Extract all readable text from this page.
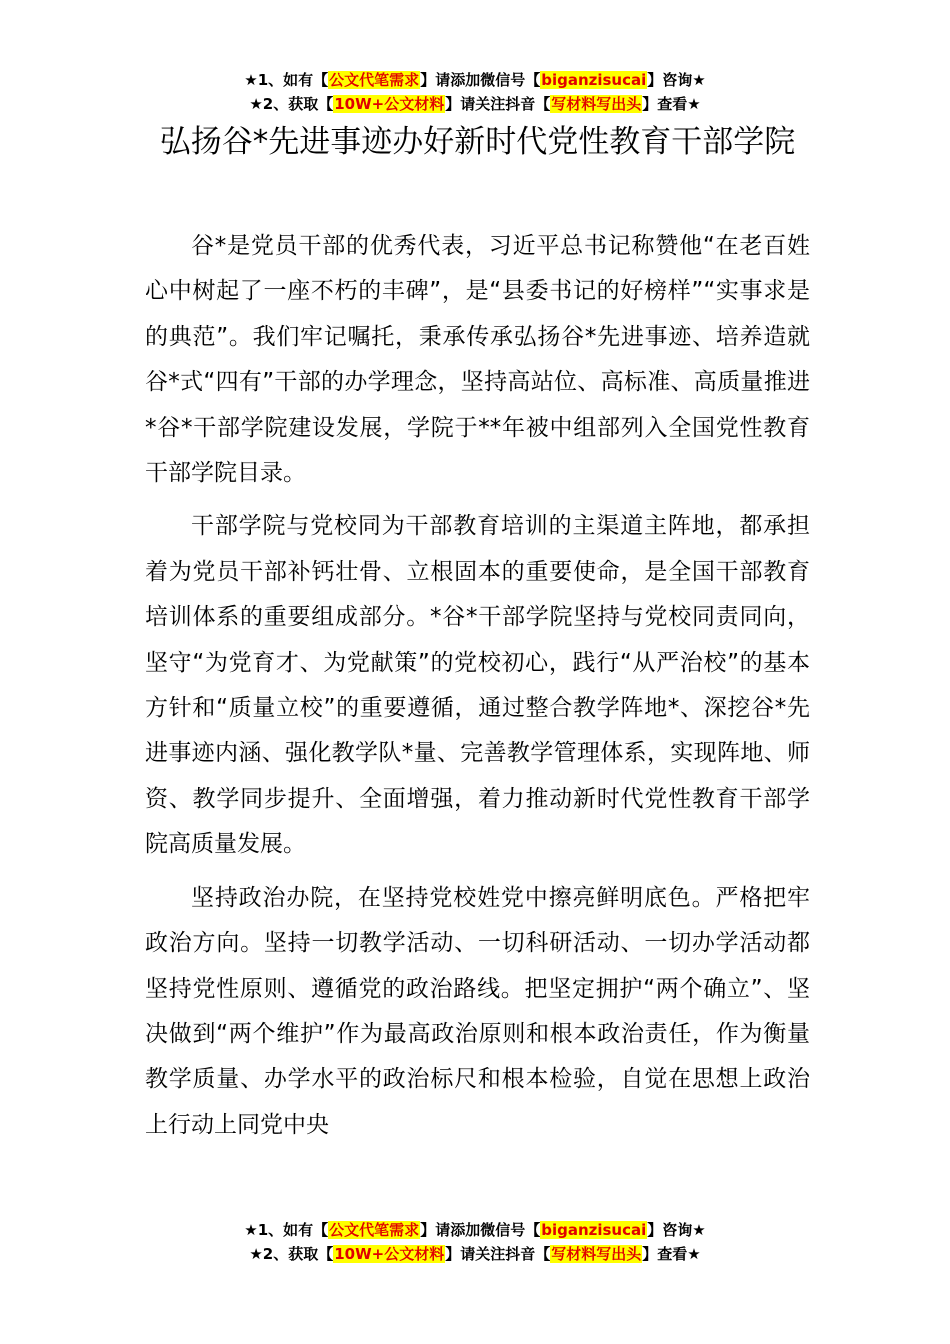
★1、如有【公文代笔需求】请添加微信号【biganzisucai】咨询★
★2、获取【10W+公文材料】请关注抖音【写材料写出头】查看★
弘扬谷*先进事迹办好新时代党性教育干部学院

谷*是党员干部的优秀代表，习近平总书记称赞他“在老百姓心中树起了一座不朽的丰碑”，是“县委书记的好榜样”“实事求是的典范”。我们牢记嘱托，秉承传承弘扬谷*先进事迹、培养造就谷*式“四有”干部的办学理念，坚持高站位、高标准、高质量推进*谷*干部学院建设发展，学院于**年被中组部列入全国党性教育干部学院目录。

干部学院与党校同为干部教育培训的主渠道主阵地，都承担着为党员干部补钙壮骨、立根固本的重要使命，是全国干部教育培训体系的重要组成部分。*谷*干部学院坚持与党校同责同向，坚守“为党育才、为党献策”的党校初心，践行“从严治校”的基本方针和“质量立校”的重要遵循，通过整合教学阵地*、深挖谷*先进事迹内涵、强化教学队*量、完善教学管理体系，实现阵地、师资、教学同步提升、全面增强，着力推动新时代党性教育干部学院高质量发展。

坚持政治办院，在坚持党校姓党中擦亮鲜明底色。严格把牢政治方向。坚持一切教学活动、一切科研活动、一切办学活动都坚持党性原则、遵循党的政治路线。把坚定拥护“两个确立”、坚决做到“两个维护”作为最高政治原则和根本政治责任，作为衡量教学质量、办学水平的政治标尺和根本检验，自觉在思想上政治上行动上同党中央

★1、如有【公文代笔需求】请添加微信号【biganzisucai】咨询★
★2、获取【10W+公文材料】请关注抖音【写材料写出头】查看★
